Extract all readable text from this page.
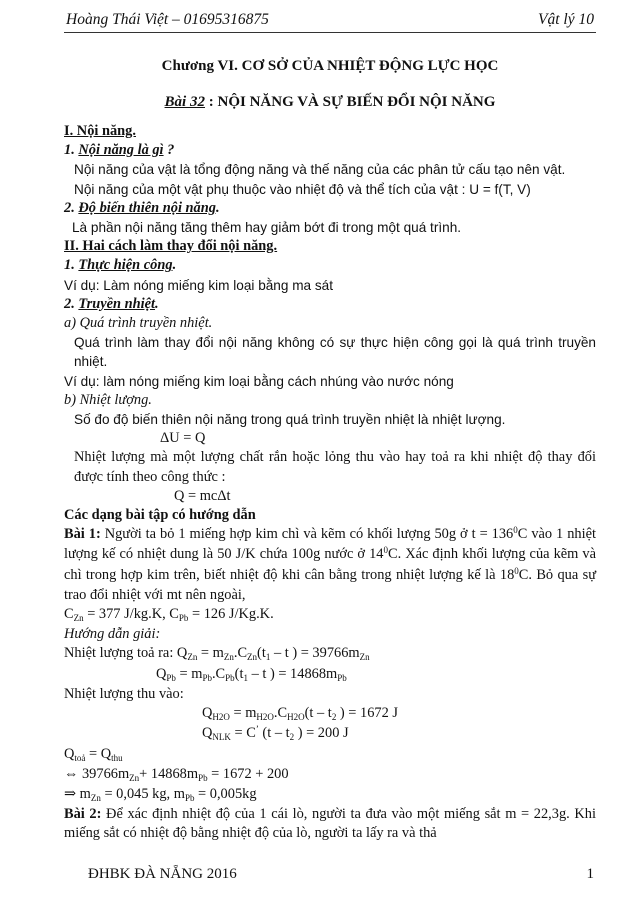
Hoàng Thái Việt – 01695316875	Vật lý 10
Chương VI. CƠ SỞ CỦA NHIỆT ĐỘNG LỰC HỌC
Bài 32 : NỘI NĂNG VÀ SỰ BIẾN ĐỔI NỘI NĂNG

I. Nội năng.

1. Nội năng là gì ?

Nội năng của vật là tổng động năng và thế năng của các phân tử cấu tạo nên vật.

Nội năng của một vật phụ thuộc vào nhiệt độ và thể tích của vật : U = f(T, V)

2. Độ biến thiên nội năng.

Là phần nội năng tăng thêm hay giảm bớt đi trong một quá trình.

II. Hai cách làm thay đổi nội năng.

1. Thực hiện công.

Ví dụ: Làm nóng miếng kim loại bằng ma sát

2. Truyền nhiệt.

a) Quá trình truyền nhiệt.

Quá trình làm thay đổi nội năng không có sự thực hiện công gọi là quá trình truyền nhiệt.

Ví dụ: làm nóng miếng kim loại bằng cách nhúng vào nước nóng

b) Nhiệt lượng.

Số đo độ biến thiên nội năng trong quá trình truyền nhiệt là nhiệt lượng.

ΔU = Q

Nhiệt lượng mà một lượng chất rắn hoặc lỏng thu vào hay toả ra khi nhiệt độ thay đổi được tính theo công thức :

Q = mcΔt

Các dạng bài tập có hướng dẫn

Bài 1: Người ta bỏ 1 miếng hợp kim chì và kẽm có khối lượng 50g ở $t = 136^0C$ vào 1 nhiệt lượng kế có nhiệt dung là 50 J/K chứa 100g nước ở $14^0C$. Xác định khối lượng của kẽm và chì trong hợp kim trên, biết nhiệt độ khi cân bằng trong nhiệt lượng kế là $18^0C$. Bỏ qua sự trao đổi nhiệt với mt nên ngoài,
$C_{Zn} = 377$ J/kg.K, $C_{Pb} = 126$ J/Kg.K.

Hướng dẫn giải:

Nhiệt lượng toả ra: $Q_{Zn} = m_{Zn}.C_{Zn}(t_1 - t$ ) = $39766m_{Zn}$

$Q_{Pb} = m_{Pb}.C_{Pb}(t_1 - t$ ) = $14868m_{Pb}$

Nhiệt lượng thu vào:

$Q_{H2O} = m_{H2O}.C_{H2O}(t - t_2$ ) = 1672 J

$Q_{NLK} = C^’$ ($t - t_2$ ) = 200 J

$Q_{toả} = Q_{thu}$

⇔ $39766m_{Zn}+ 14868m_{Pb} = 1672 + 200$

⇒ $m_{Zn} = 0,045$ kg, $m_{Pb} = 0,005kg$

Bài 2: Để xác định nhiệt độ của 1 cái lò, người ta đưa vào một miếng sắt m = 22,3g. Khi miếng sắt có nhiệt độ bằng nhiệt độ của lò, người ta lấy ra và thả

ĐHBK ĐÀ NẴNG 2016	1
